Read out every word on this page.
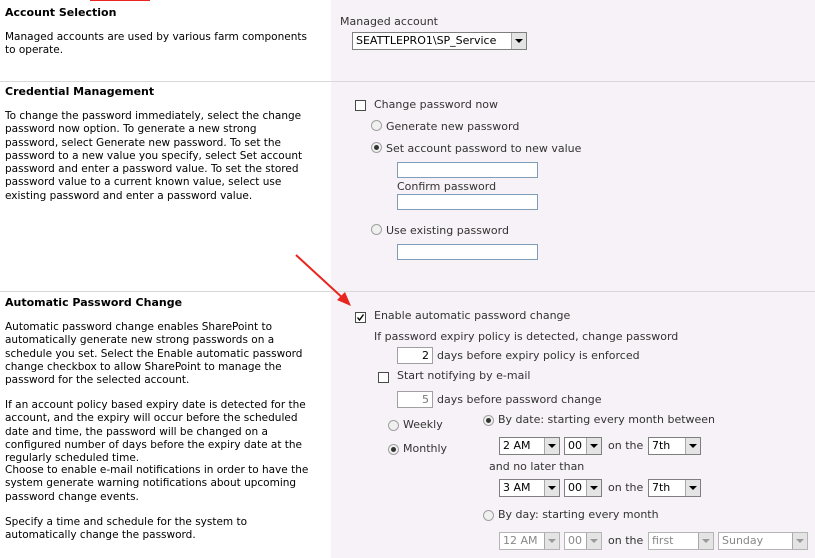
Account Selection
Managed accounts are used by various farm components to operate.
Managed account
SEATTLEPRO1\SP_Service
Credential Management
To change the password immediately, select the change password now option. To generate a new strong password, select Generate new password. To set the password to a new value you specify, select Set account password and enter a password value. To set the stored password value to a current known value, select use existing password and enter a password value.
Change password now
Generate new password
Set account password to new value
Confirm password
Use existing password
Automatic Password Change
Automatic password change enables SharePoint to automatically generate new strong passwords on a schedule you set. Select the Enable automatic password change checkbox to allow SharePoint to manage the password for the selected account.
If an account policy based expiry date is detected for the account, and the expiry will occur before the scheduled date and time, the password will be changed on a configured number of days before the expiry date at the regularly scheduled time.
Choose to enable e-mail notifications in order to have the system generate warning notifications about upcoming password change events.
Specify a time and schedule for the system to automatically change the password.
Enable automatic password change
If password expiry policy is detected, change password
2 days before expiry policy is enforced
Start notifying by e-mail
5 days before password change
Weekly
Monthly
By date: starting every month between
2 AM	00	on the 7th
and no later than
3 AM	00	on the 7th
By day: starting every month
12 AM	00	on the first	Sunday
